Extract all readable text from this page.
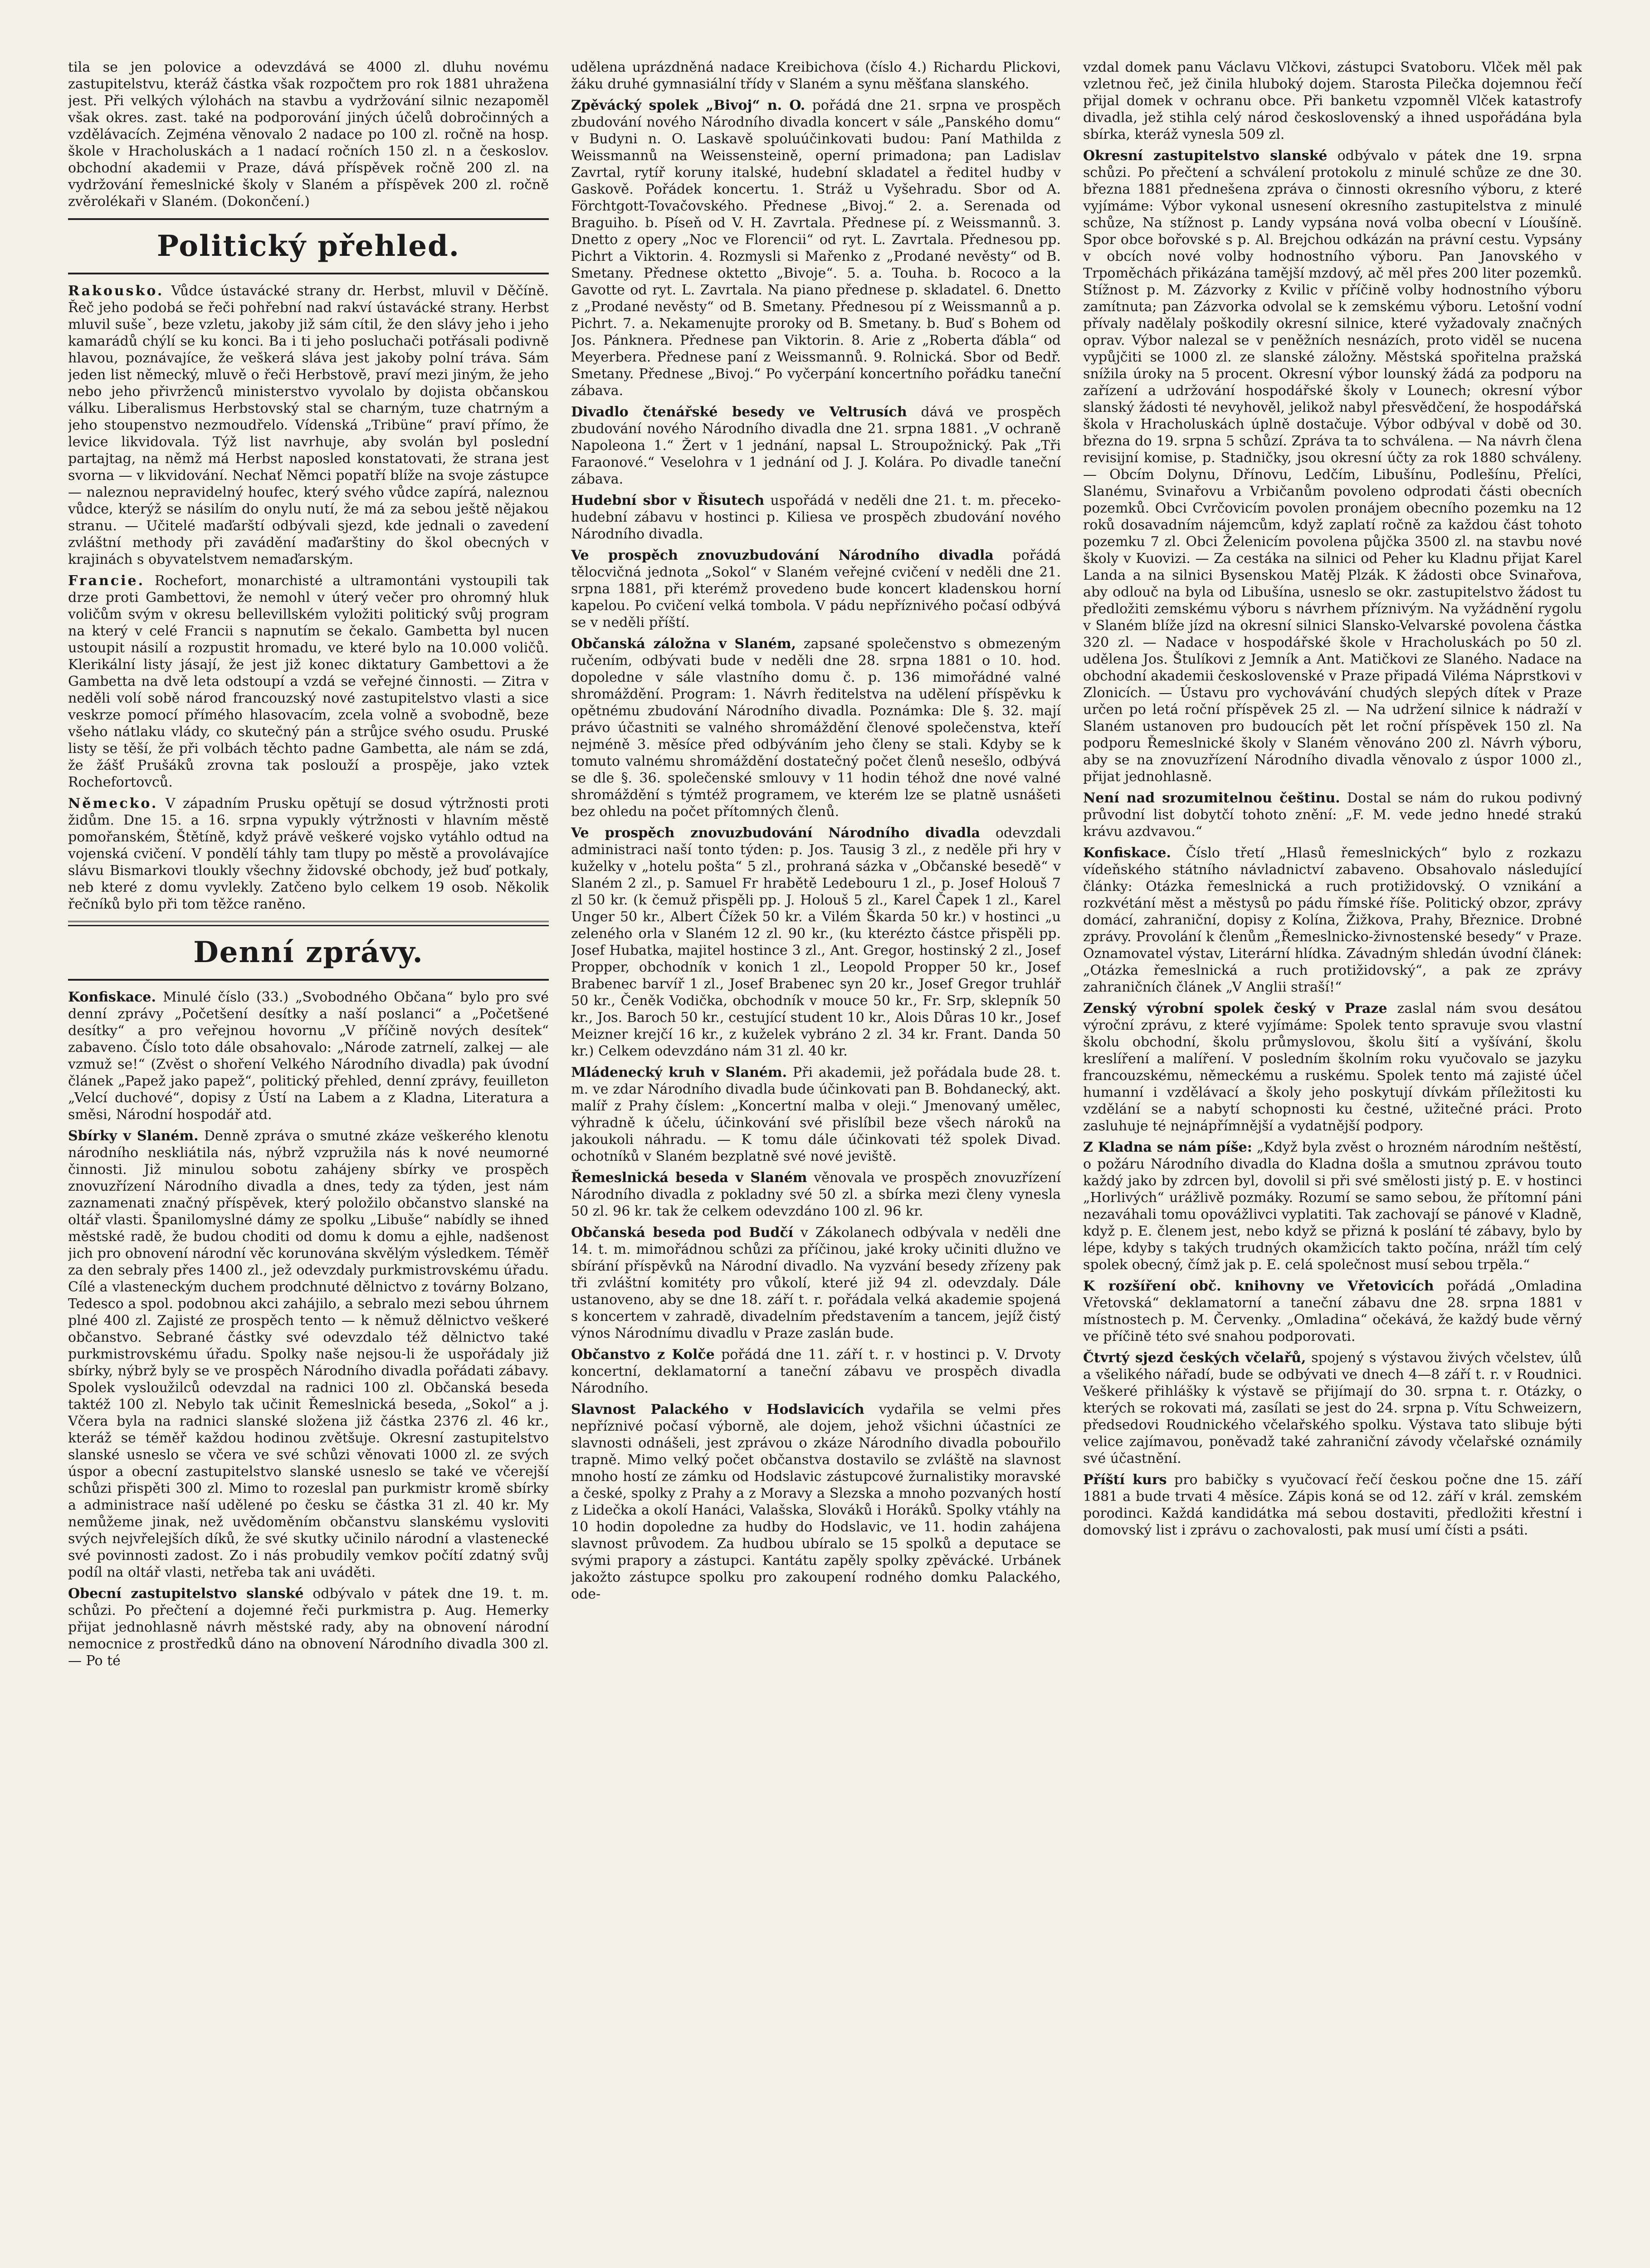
tila se jen polovice a odevzdává se 4000 zl. dluhu novému zastupitelstvu, kteráž částka však rozpočtem pro rok 1881 uhražena jest. Při velkých výlohách na stavbu a vydržování silnic nezapoměl však okres. zast. také na podporování jiných účelů dobročinných a vzdělávacích. Zejména věnovalo 2 nadace po 100 zl. ročně na hosp. škole v Hracholuskách a 1 nadací ročních 150 zl. n a českoslov. obchodní akademii v Praze, dává příspěvek ročně 200 zl. na vydržování řemeslnické školy v Slaném a příspěvek 200 zl. ročně zvěrolékaři v Slaném. (Dokončení.)

Politický přehled.

Rakousko. Vůdce ústavácké strany dr. Herbst, mluvil v Děčíně. Řeč jeho podobá se řeči pohřební nad rakví ústavácké strany. Herbst mluvil sušeˇ, beze vzletu, jakoby již sám cítil, že den slávy jeho i jeho kamarádů chýlí se ku konci. Ba i ti jeho posluchači potřásali podivně hlavou, poznávajíce, že veškerá sláva jest jakoby polní tráva. Sám jeden list německý, mluvě o řeči Herbstově, praví mezi jiným, že jeho nebo jeho přivrženců ministerstvo vyvolalo by dojista občanskou válku. Liberalismus Herbstovský stal se charným, tuze chatrným a jeho stoupenstvo nezmoudřelo. Vídenská „Tribüne“ praví přímo, že levice likvidovala. Týž list navrhuje, aby svolán byl poslední partajtag, na němž má Herbst naposled konstatovati, že strana jest svorna — v likvidování. Nechať Němci popatří blíže na svoje zástupce — naleznou nepravidelný houfec, který svého vůdce zapírá, naleznou vůdce, kterýž se násilím do onylu nutí, že má za sebou ještě nějakou stranu. — Učitelé maďarští odbývali sjezd, kde jednali o zavedení zvláštní methody při zavádění maďarštiny do škol obecných v krajinách s obyvatelstvem nemaďarským.

Francie. Rochefort, monarchisté a ultramontáni vystoupili tak drze proti Gambettovi, že nemohl v úterý večer pro ohromný hluk voličům svým v okresu bellevillském vyložiti politický svůj program na který v celé Francii s napnutím se čekalo. Gambetta byl nucen ustoupit násilí a rozpustit hromadu, ve které bylo na 10.000 voličů. Klerikální listy jásají, že jest již konec diktatury Gambettovi a že Gambetta na dvě leta odstoupí a vzdá se veřejné činnosti. — Zitra v neděli volí sobě národ francouzský nové zastupitelstvo vlasti a sice veskrze pomocí přímého hlasovacím, zcela volně a svobodně, beze všeho nátlaku vlády, co skutečný pán a strůjce svého osudu. Pruské listy se těší, že při volbách těchto padne Gambetta, ale nám se zdá, že žášť Prušáků zrovna tak poslouží a prospěje, jako vztek Rochefortovců.

Německo. V západním Prusku opětují se dosud výtržnosti proti židům. Dne 15. a 16. srpna vypukly výtržnosti v hlavním městě pomořanském, Štětíně, když právě veškeré vojsko vytáhlo odtud na vojenská cvičení. V pondělí táhly tam tlupy po městě a provolávajíce slávu Bismarkovi tloukly všechny židovské obchody, jež buď potkaly, neb které z domu vyvlekly. Zatčeno bylo celkem 19 osob. Několik řečníků bylo při tom těžce raněno.

Denní zprávy.

Konfiskace. Minulé číslo (33.) „Svobodného Občana“ bylo pro své denní zprávy „Početšení desítky a naší poslanci“ a „Početšené desítky“ a pro veřejnou hovornu „V příčině nových desítek“ zabaveno. Číslo toto dále obsahovalo: „Národe zatrnelí, zalkej — ale vzmuž se!“ (Zvěst o shoření Velkého Národního divadla) pak úvodní článek „Papež jako papež“, politický přehled, denní zprávy, feuilleton „Velcí duchové“, dopisy z Ústí na Labem a z Kladna, Literatura a směsi, Národní hospodář atd.

Sbírky v Slaném. Denně zpráva o smutné zkáze veškerého klenotu národního neskliátila nás, nýbrž vzpružila nás k nové neumorné činnosti. Již minulou sobotu zahájeny sbírky ve prospěch znovuzřízení Národního divadla a dnes, tedy za týden, jest nám zaznamenati značný příspěvek, který položilo občanstvo slanské na oltář vlasti. Španilomyslné dámy ze spolku „Libuše“ nabídly se ihned městské radě, že budou choditi od domu k domu a ejhle, nadšenost jich pro obnovení národní věc korunována skvělým výsledkem. Téměř za den sebraly přes 1400 zl., jež odevzdaly purkmistrovskému úřadu. Cílé a vlasteneckým duchem prodchnuté dělnictvo z továrny Bolzano, Tedesco a spol. podobnou akci zahájilo, a sebralo mezi sebou úhrnem plné 400 zl. Zajisté ze prospěch tento — k němuž dělnictvo veškeré občanstvo. Sebrané částky své odevzdalo též dělnictvo také purkmistrovskému úřadu. Spolky naše nejsou-li že uspořádaly již sbírky, nýbrž byly se ve prospěch Národního divadla pořádati zábavy. Spolek vysloužilců odevzdal na radnici 100 zl. Občanská beseda taktéž 100 zl. Nebylo tak učinit Řemeslnická beseda, „Sokol“ a j. Včera byla na radnici slanské složena již částka 2376 zl. 46 kr., kteráž se téměř každou hodinou zvětšuje. Okresní zastupitelstvo slanské usneslo se včera ve své schůzi věnovati 1000 zl. ze svých úspor a obecní zastupitelstvo slanské usneslo se také ve včerejší schůzi přispěti 300 zl. Mimo to rozeslal pan purkmistr kromě sbírky a administrace naší udělené po česku se částka 31 zl. 40 kr. My nemůžeme jinak, než uvědoměním občanstvu slanskému vysloviti svých nejvřelejších díků, že své skutky učinilo národní a vlastenecké své povinnosti zadost. Zo i nás probudily vemkov počítí zdatný svůj podíl na oltář vlasti, netřeba tak ani uváděti.

Obecní zastupitelstvo slanské odbývalo v pátek dne 19. t. m. schůzi. Po přečtení a dojemné řeči purkmistra p. Aug. Hemerky přijat jednohlasně návrh městské rady, aby na obnovení národní nemocnice z prostředků dáno na obnovení Národního divadla 300 zl. — Po té

udělena uprázdněná nadace Kreibichova (číslo 4.) Richardu Plickovi, žáku druhé gymnasiální třídy v Slaném a synu měšťana slanského.

Zpěvácký spolek „Bivoj“ n. O. pořádá dne 21. srpna ve prospěch zbudování nového Národního divadla koncert v sále „Panského domu“ v Budyni n. O. Laskavě spoluúčinkovati budou: Paní Mathilda z Weissmannů na Weissensteině, operní primadona; pan Ladislav Zavrtal, rytíř koruny italské, hudební skladatel a ředitel hudby v Gaskově. Pořádek koncertu. 1. Stráž u Vyšehradu. Sbor od A. Förchtgott-Tovačovského. Přednese „Bivoj.“ 2. a. Serenada od Braguiho. b. Píseň od V. H. Zavrtala. Přednese pí. z Weissmannů. 3. Dnetto z opery „Noc ve Florencii“ od ryt. L. Zavrtala. Přednesou pp. Pichrt a Viktorin. 4. Rozmysli si Mařenko z „Prodané nevěsty“ od B. Smetany. Přednese oktetto „Bivoje“. 5. a. Touha. b. Rococo a la Gavotte od ryt. L. Zavrtala. Na piano přednese p. skladatel. 6. Dnetto z „Prodané nevěsty“ od B. Smetany. Přednesou pí z Weissmannů a p. Pichrt. 7. a. Nekamenujte proroky od B. Smetany. b. Buď s Bohem od Jos. Pánknera. Přednese pan Viktorin. 8. Arie z „Roberta ďábla“ od Meyerbera. Přednese paní z Weissmannů. 9. Rolnická. Sbor od Bedř. Smetany. Přednese „Bivoj.“ Po vyčerpání koncertního pořádku taneční zábava.

Divadlo čtenářské besedy ve Veltrusích dává ve prospěch zbudování nového Národního divadla dne 21. srpna 1881. „V ochraně Napoleona 1.“ Žert v 1 jednání, napsal L. Stroupožnický. Pak „Tři Faraonové.“ Veselohra v 1 jednání od J. J. Kolára. Po divadle taneční zábava.

Hudební sbor v Řisutech uspořádá v neděli dne 21. t. m. přeceko-hudební zábavu v hostinci p. Kiliesa ve prospěch zbudování nového Národního divadla.

Ve prospěch znovuzbudování Národního divadla pořádá tělocvičná jednota „Sokol“ v Slaném veřejné cvičení v neděli dne 21. srpna 1881, při kterémž provedeno bude koncert kladenskou horní kapelou. Po cvičení velká tombola. V pádu nepříznivého počasí odbývá se v neděli příští.

Občanská záložna v Slaném, zapsané společenstvo s obmezeným ručením, odbývati bude v neděli dne 28. srpna 1881 o 10. hod. dopoledne v sále vlastního domu č. p. 136 mimořádné valné shromáždění. Program: 1. Návrh ředitelstva na udělení příspěvku k opětnému zbudování Národního divadla. Poznámka: Dle §. 32. mají právo účastniti se valného shromáždění členové společenstva, kteří nejméně 3. měsíce před odbýváním jeho členy se stali. Kdyby se k tomuto valnému shromáždění dostatečný počet členů nesešlo, odbývá se dle §. 36. společenské smlouvy v 11 hodin téhož dne nové valné shromáždění s týmtéž programem, ve kterém lze se platně usnášeti bez ohledu na počet přítomných členů.

Ve prospěch znovuzbudování Národního divadla odevzdali administraci naší tonto týden: p. Jos. Tausig 3 zl., z neděle při hry v kuželky v „hotelu pošta“ 5 zl., prohraná sázka v „Občanské besedě“ v Slaném 2 zl., p. Samuel Fr hrabětě Ledebouru 1 zl., p. Josef Holouš 7 zl 50 kr. (k čemuž přispěli pp. J. Holouš 5 zl., Karel Čapek 1 zl., Karel Unger 50 kr., Albert Čížek 50 kr. a Vilém Škarda 50 kr.) v hostinci „u zeleného orla v Slaném 12 zl. 90 kr., (ku kterézto částce přispěli pp. Josef Hubatka, majitel hostince 3 zl., Ant. Gregor, hostinský 2 zl., Josef Propper, obchodník v konich 1 zl., Leopold Propper 50 kr., Josef Brabenec barvíř 1 zl., Josef Brabenec syn 20 kr., Josef Gregor truhlář 50 kr., Čeněk Vodička, obchodník v mouce 50 kr., Fr. Srp, sklepník 50 kr., Jos. Baroch 50 kr., cestující student 10 kr., Alois Důras 10 kr., Josef Meizner krejčí 16 kr., z kuželek vybráno 2 zl. 34 kr. Frant. Danda 50 kr.) Celkem odevzdáno nám 31 zl. 40 kr.

Mládenecký kruh v Slaném. Při akademii, jež pořádala bude 28. t. m. ve zdar Národního divadla bude účinkovati pan B. Bohdanecký, akt. malíř z Prahy číslem: „Koncertní malba v oleji.“ Jmenovaný umělec, výhradně k účelu, účinkování své přislíbil beze všech nároků na jakoukoli náhradu. — K tomu dále účinkovati též spolek Divad. ochotníků v Slaném bezplatně své nové jeviště.

Řemeslnická beseda v Slaném věnovala ve prospěch znovuzřízení Národního divadla z pokladny své 50 zl. a sbírka mezi členy vynesla 50 zl. 96 kr. tak že celkem odevzdáno 100 zl. 96 kr.

Občanská beseda pod Budčí v Zákolanech odbývala v neděli dne 14. t. m. mimořádnou schůzi za příčinou, jaké kroky učiniti dlužno ve sbírání příspěvků na Národní divadlo. Na vyzvání besedy zřízeny pak tři zvláštní komitéty pro vůkolí, které již 94 zl. odevzdaly. Dále ustanoveno, aby se dne 18. září t. r. pořádala velká akademie spojená s koncertem v zahradě, divadelním představením a tancem, jejíž čistý výnos Národnímu divadlu v Praze zaslán bude.

Občanstvo z Kolče pořádá dne 11. září t. r. v hostinci p. V. Drvoty koncertní, deklamatorní a taneční zábavu ve prospěch divadla Národního.

Slavnost Palackého v Hodslavicích vydařila se velmi přes nepříznivé počasí výborně, ale dojem, jehož všichni účastníci ze slavnosti odnášeli, jest zprávou o zkáze Národního divadla pobouřilo trapně. Mimo velký počet občanstva dostavilo se zvláště na slavnost mnoho hostí ze zámku od Hodslavic zástupcové žurnalistiky moravské a české, spolky z Prahy a z Moravy a Slezska a mnoho pozvaných hostí z Lidečka a okolí Hanáci, Valašska, Slováků i Horáků. Spolky vtáhly na 10 hodin dopoledne za hudby do Hodslavic, ve 11. hodin zahájena slavnost průvodem. Za hudbou ubíralo se 15 spolků a deputace se svými prapory a zástupci. Kantátu zapěly spolky zpěvácké. Urbánek jakožto zástupce spolku pro zakoupení rodného domku Palackého, ode-

vzdal domek panu Václavu Vlčkovi, zástupci Svatoboru. Vlček měl pak vzletnou řeč, jež činila hluboký dojem. Starosta Pilečka dojemnou řečí přijal domek v ochranu obce. Při banketu vzpomněl Vlček katastrofy divadla, jež stihla celý národ československý a ihned uspořádána byla sbírka, kteráž vynesla 509 zl.

Okresní zastupitelstvo slanské odbývalo v pátek dne 19. srpna schůzi. Po přečtení a schválení protokolu z minulé schůze ze dne 30. března 1881 přednešena zpráva o činnosti okresního výboru, z které vyjímáme: Výbor vykonal usnesení okresního zastupitelstva z minulé schůze, Na stížnost p. Landy vypsána nová volba obecní v Líoušíně. Spor obce bořovské s p. Al. Brejchou odkázán na právní cestu. Vypsány v obcích nové volby hodnostního výboru. Pan Janovského v Trpoměchách přikázána tamější mzdový, ač měl přes 200 liter pozemků. Stížnost p. M. Zázvorky z Kvilic v příčině volby hodnostního výboru zamítnuta; pan Zázvorka odvolal se k zemskému výboru. Letošní vodní přívaly nadělaly poškodily okresní silnice, které vyžadovaly značných oprav. Výbor nalezal se v peněžních nesnázích, proto viděl se nucena vypůjčiti se 1000 zl. ze slanské záložny. Městská spořitelna pražská snížila úroky na 5 procent. Okresní výbor lounský žádá za podporu na zařízení a udržování hospodářské školy v Lounech; okresní výbor slanský žádosti té nevyhověl, jelikož nabyl přesvědčení, že hospodářská škola v Hracholuskách úplně dostačuje. Výbor odbýval v době od 30. března do 19. srpna 5 schůzí. Zpráva ta to schválena. — Na návrh člena revisijní komise, p. Stadničky, jsou okresní účty za rok 1880 schváleny. — Obcím Dolynu, Dřínovu, Ledčím, Libušínu, Podlešínu, Přelíci, Slanému, Svinařovu a Vrbičanům povoleno odprodati části obecních pozemků. Obci Cvrčovicím povolen pronájem obecního pozemku na 12 roků dosavadním nájemcům, když zaplatí ročně za každou část tohoto pozemku 7 zl. Obci Želenicím povolena půjčka 3500 zl. na stavbu nové školy v Kuovizi. — Za cestáka na silnici od Peher ku Kladnu přijat Karel Landa a na silnici Bysenskou Matěj Plzák. K žádosti obce Svinařova, aby odlouč na byla od Libušína, usneslo se okr. zastupitelstvo žádost tu předložiti zemskému výboru s návrhem příznivým. Na vyžádnění rygolu v Slaném blíže jízd na okresní silnici Slansko-Velvarské povolena částka 320 zl. — Nadace v hospodářské škole v Hracholuskách po 50 zl. udělena Jos. Štulíkovi z Jemník a Ant. Matičkovi ze Slaného. Nadace na obchodní akademii československé v Praze připadá Viléma Náprstkovi v Zlonicích. — Ústavu pro vychovávání chudých slepých dítek v Praze určen po letá roční příspěvek 25 zl. — Na udržení silnice k nádraží v Slaném ustanoven pro budoucích pět let roční příspěvek 150 zl. Na podporu Řemeslnické školy v Slaném věnováno 200 zl. Návrh výboru, aby se na znovuzřízení Národního divadla věnovalo z úspor 1000 zl., přijat jednohlasně.

Není nad srozumitelnou češtinu. Dostal se nám do rukou podivný průvodní list dobytčí tohoto znění: „F. M. vede jedno hnedé strakú krávu azdvavou.“

Konfiskace. Číslo třetí „Hlasů řemeslnických“ bylo z rozkazu vídeňského státního návladnictví zabaveno. Obsahovalo následující články: Otázka řemeslnická a ruch protižidovský. O vznikání a rozkvétání měst a městysů po pádu římské říše. Politický obzor, zprávy domácí, zahraniční, dopisy z Kolína, Žižkova, Prahy, Březnice. Drobné zprávy. Provolání k členům „Řemeslnicko-živnostenské besedy“ v Praze. Oznamovatel výstav, Literární hlídka. Závadným shledán úvodní článek: „Otázka řemeslnická a ruch protižidovský“, a pak ze zprávy zahraničních článek „V Anglii straší!“

Zenský výrobní spolek český v Praze zaslal nám svou desátou výroční zprávu, z které vyjímáme: Spolek tento spravuje svou vlastní školu obchodní, školu průmyslovou, školu šití a vyšívání, školu kreslíření a malíření. V posledním školním roku vyučovalo se jazyku francouzskému, německému a ruskému. Spolek tento má zajisté účel humanní i vzdělávací a školy jeho poskytují dívkám příležitosti ku vzdělání se a nabytí schopnosti ku čestné, užitečné práci. Proto zasluhuje té nejnápřímnější a vydatnější podpory.

Z Kladna se nám píše: „Když byla zvěst o hrozném národním neštěstí, o požáru Národního divadla do Kladna došla a smutnou zprávou touto každý jako by zdrcen byl, dovolil si při své smělosti jistý p. E. v hostinci „Horlivých“ urážlivě pozmáky. Rozumí se samo sebou, že přítomní páni nezaváhali tomu opovážlivci vyplatiti. Tak zachovají se pánové v Kladně, když p. E. členem jest, nebo když se přizná k poslání té zábavy, bylo by lépe, kdyby s takých trudných okamžicích takto počína, nrážl tím celý spolek obecný, čímž jak p. E. celá společnost musí sebou trpěla.“

K rozšíření obč. knihovny ve Vřetovicích pořádá „Omladina Vřetovská“ deklamatorní a taneční zábavu dne 28. srpna 1881 v místnostech p. M. Červenky. „Omladina“ očekává, že každý bude věrný ve příčině této své snahou podporovati.

Čtvrtý sjezd českých včelařů, spojený s výstavou živých včelstev, úlů a všelikého nářadí, bude se odbývati ve dnech 4—8 září t. r. v Roudnici. Veškeré přihlášky k výstavě se přijímají do 30. srpna t. r. Otázky, o kterých se rokovati má, zasílati se jest do 24. srpna p. Vítu Schweizern, předsedovi Roudnického včelařského spolku. Výstava tato slibuje býti velice zajímavou, poněvadž také zahraniční závody včelařské oznámily své účastnění.

Příští kurs pro babičky s vyučovací řečí českou počne dne 15. září 1881 a bude trvati 4 měsíce. Zápis koná se od 12. září v král. zemském porodinci. Každá kandidátka má sebou dostaviti, předložiti křestní i domovský list i zprávu o zachovalosti, pak musí umí čísti a psáti.
